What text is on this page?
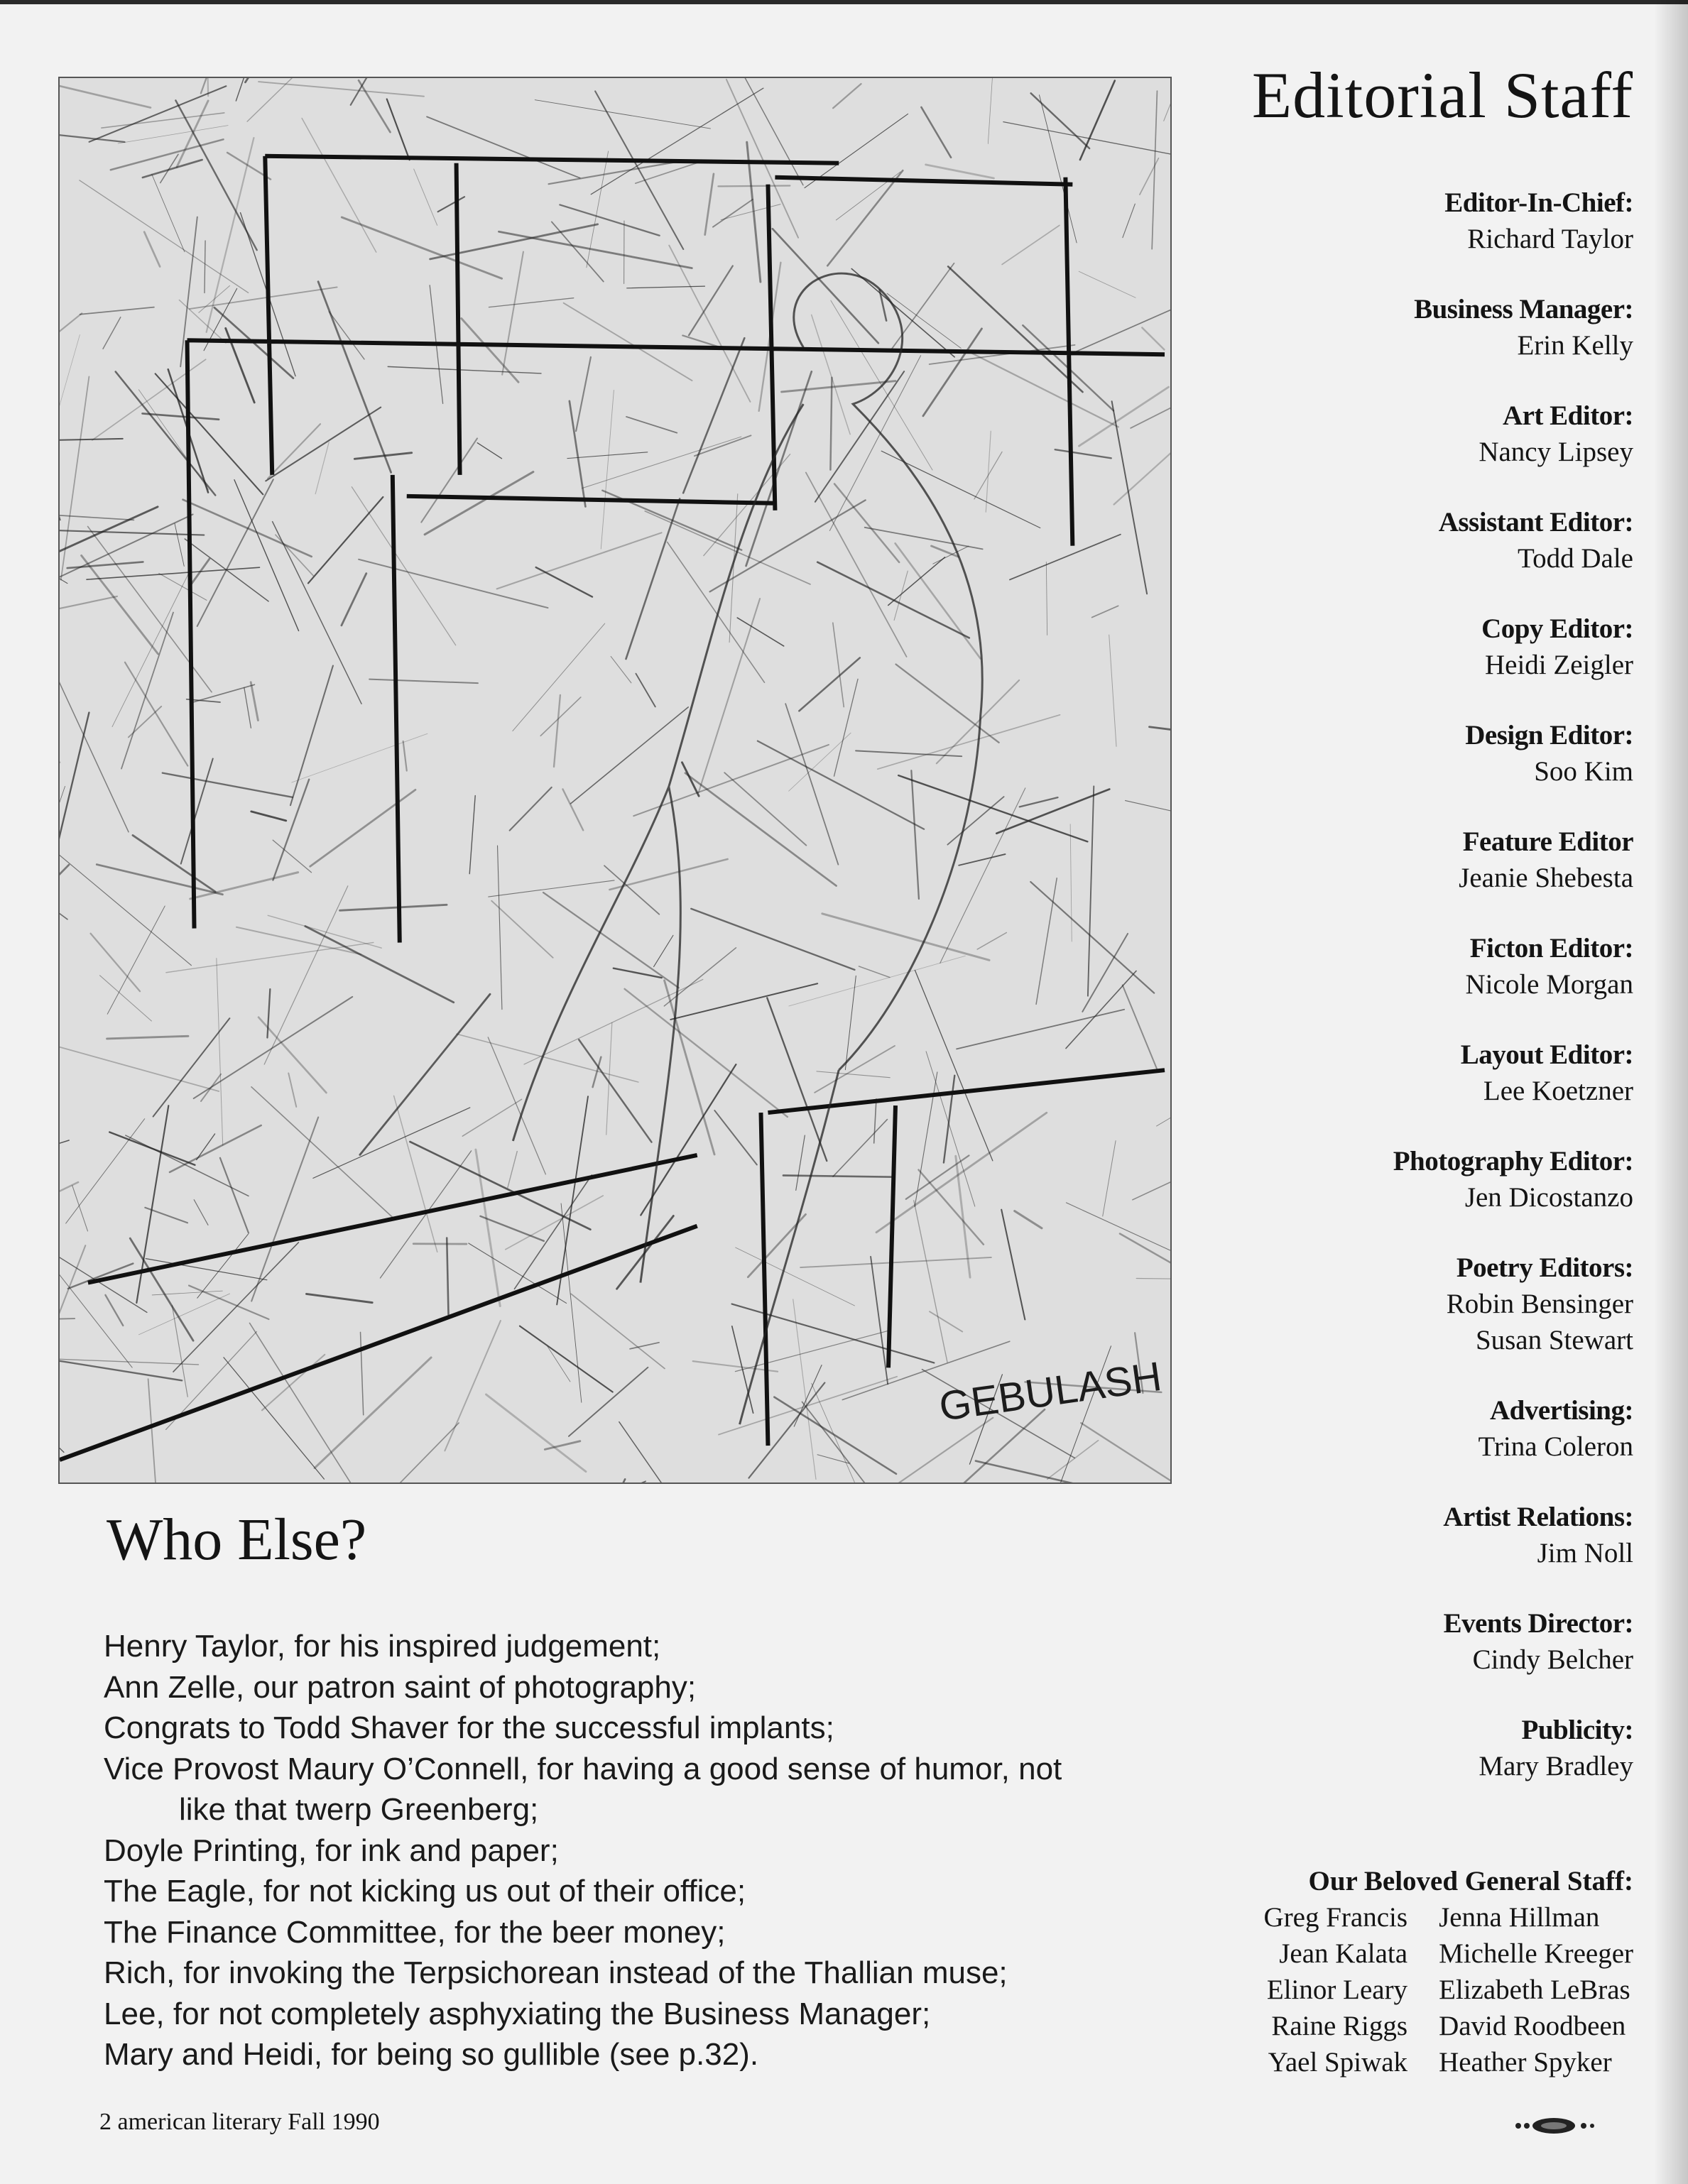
GEBULASH
Editorial Staff
Editor-In-Chief:
Richard Taylor
Business Manager:
Erin Kelly
Art Editor:
Nancy Lipsey
Assistant Editor:
Todd Dale
Copy Editor:
Heidi Zeigler
Design Editor:
Soo Kim
Feature Editor
Jeanie Shebesta
Ficton Editor:
Nicole Morgan
Layout Editor:
Lee Koetzner
Photography Editor:
Jen Dicostanzo
Poetry Editors:
Robin Bensinger
Susan Stewart
Advertising:
Trina Coleron
Artist Relations:
Jim Noll
Events Director:
Cindy Belcher
Publicity:
Mary Bradley
Our Beloved General Staff:
Greg Francis
Jean Kalata
Elinor Leary
Raine Riggs
Yael Spiwak
Jenna Hillman
Michelle Kreeger
Elizabeth LeBras
David Roodbeen
Heather Spyker
Who Else?
Henry Taylor, for his inspired judgement;
Ann Zelle, our patron saint of photography;
Congrats to Todd Shaver for the successful implants;
Vice Provost Maury O’Connell, for having a good sense of humor, not
like that twerp Greenberg;
Doyle Printing, for ink and paper;
The Eagle, for not kicking us out of their office;
The Finance Committee, for the beer money;
Rich, for invoking the Terpsichorean instead of the Thallian muse;
Lee, for not completely asphyxiating the Business Manager;
Mary and Heidi, for being so gullible (see p.32).
2 american literary Fall 1990
